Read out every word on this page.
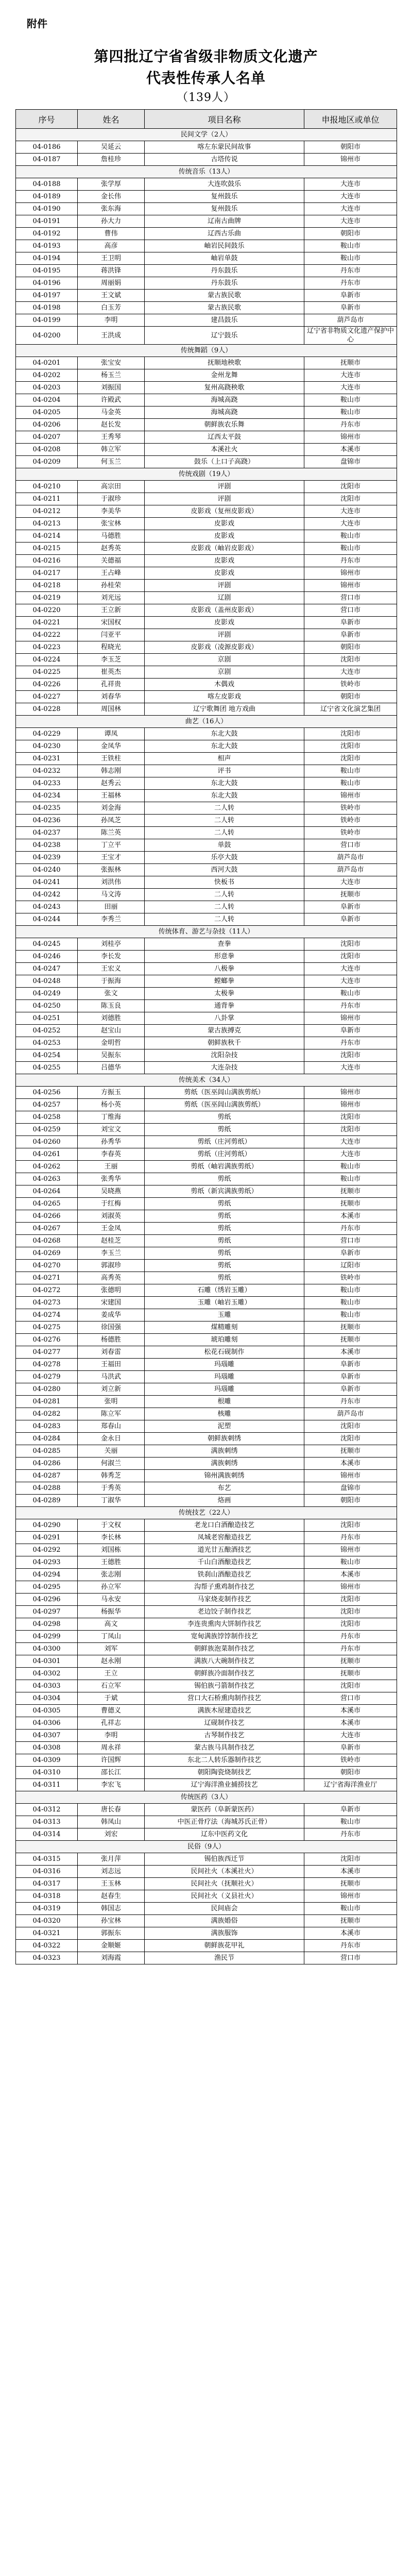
附件
第四批辽宁省省级非物质文化遗产
代表性传承人名单
（139人）
序号	姓名	项目名称	申报地区或单位
民间文学（2人）			
04-0186	吴延云	喀左东蒙民间故事	朝阳市
04-0187	詹桂珍	古塔传说	锦州市
传统音乐（13人）			
04-0188	张学厚	大连吹鼓乐	大连市
04-0189	金长伟	复州鼓乐	大连市
04-0190	张东海	复州鼓乐	大连市
04-0191	孙大力	辽南古曲牌	大连市
04-0192	曹伟	辽西古乐曲	朝阳市
04-0193	高彦	岫岩民间鼓乐	鞍山市
04-0194	王卫明	岫岩单鼓	鞍山市
04-0195	蒋洪锋	丹东鼓乐	丹东市
04-0196	周丽娟	丹东鼓乐	丹东市
04-0197	王文斌	蒙古族民歌	阜新市
04-0198	白玉芳	蒙古族民歌	阜新市
04-0199	李明	建昌鼓乐	葫芦岛市
04-0200	王洪成	辽宁鼓乐	辽宁省非物质文化遗产保护中心
传统舞蹈（9人）			
04-0201	张宝安	抚顺地秧歌	抚顺市
04-0202	杨玉兰	金州龙舞	大连市
04-0203	刘振国	复州高跷秧歌	大连市
04-0204	许殿武	海城高跷	鞍山市
04-0205	马金英	海城高跷	鞍山市
04-0206	赵长发	朝鲜族农乐舞	丹东市
04-0207	王秀琴	辽西太平鼓	锦州市
04-0208	韩立军	本溪社火	本溪市
04-0209	何玉兰	鼓乐（上口子高跷）	盘锦市
传统戏剧（19人）			
04-0210	高宗田	评剧	沈阳市
04-0211	于淑珍	评剧	沈阳市
04-0212	李美华	皮影戏（复州皮影戏）	大连市
04-0213	张宝林	皮影戏	大连市
04-0214	马德胜	皮影戏	鞍山市
04-0215	赵秀英	皮影戏（岫岩皮影戏）	鞍山市
04-0216	关德福	皮影戏	丹东市
04-0217	王占峰	皮影戏	锦州市
04-0218	孙桂荣	评剧	锦州市
04-0219	刘光远	辽剧	营口市
04-0220	王立新	皮影戏（盖州皮影戏）	营口市
04-0221	宋国权	皮影戏	阜新市
04-0222	闫亚平	评剧	阜新市
04-0223	程晓光	皮影戏（凌源皮影戏）	朝阳市
04-0224	李玉芝	京剧	沈阳市
04-0225	崔英杰	京剧	大连市
04-0226	孔祥贵	木偶戏	铁岭市
04-0227	刘春华	喀左皮影戏	朝阳市
04-0228	周国林	辽宁歌舞团 地方戏曲	辽宁省文化演艺集团
曲艺（16人）			
04-0229	谭凤	东北大鼓	沈阳市
04-0230	金凤华	东北大鼓	沈阳市
04-0231	王铁柱	相声	沈阳市
04-0232	韩志刚	评书	鞍山市
04-0233	赵秀云	东北大鼓	鞍山市
04-0234	王福林	东北大鼓	锦州市
04-0235	刘金海	二人转	铁岭市
04-0236	孙凤芝	二人转	铁岭市
04-0237	陈兰英	二人转	铁岭市
04-0238	丁立平	单鼓	营口市
04-0239	王宝才	乐亭大鼓	葫芦岛市
04-0240	张振林	西河大鼓	葫芦岛市
04-0241	刘洪伟	快板书	大连市
04-0242	马文涛	二人转	抚顺市
04-0243	田丽	二人转	阜新市
04-0244	李秀兰	二人转	阜新市
传统体育、游艺与杂技（11人）			
04-0245	刘桂亭	查拳	沈阳市
04-0246	李长发	形意拳	沈阳市
04-0247	王宏义	八极拳	大连市
04-0248	于振海	螳螂拳	大连市
04-0249	张文	太极拳	鞍山市
04-0250	陈玉良	通背拳	丹东市
04-0251	刘德胜	八卦掌	锦州市
04-0252	赵宝山	蒙古族搏克	阜新市
04-0253	金明哲	朝鲜族秋千	丹东市
04-0254	吴振东	沈阳杂技	沈阳市
04-0255	吕德华	大连杂技	大连市
传统美术（34人）			
04-0256	方振玉	剪纸（医巫闾山满族剪纸）	锦州市
04-0257	杨小英	剪纸（医巫闾山满族剪纸）	锦州市
04-0258	丁维海	剪纸	沈阳市
04-0259	刘宝文	剪纸	沈阳市
04-0260	孙秀华	剪纸（庄河剪纸）	大连市
04-0261	李春英	剪纸（庄河剪纸）	大连市
04-0262	王丽	剪纸（岫岩满族剪纸）	鞍山市
04-0263	张秀华	剪纸	鞍山市
04-0264	吴晓燕	剪纸（新宾满族剪纸）	抚顺市
04-0265	于红梅	剪纸	抚顺市
04-0266	刘淑英	剪纸	本溪市
04-0267	王金凤	剪纸	丹东市
04-0268	赵桂芝	剪纸	营口市
04-0269	李玉兰	剪纸	阜新市
04-0270	郭淑珍	剪纸	辽阳市
04-0271	高秀英	剪纸	铁岭市
04-0272	张德明	石雕（绣岩玉雕）	鞍山市
04-0273	宋建国	玉雕（岫岩玉雕）	鞍山市
04-0274	姜成华	玉雕	鞍山市
04-0275	徐国强	煤精雕刻	抚顺市
04-0276	杨德胜	琥珀雕刻	抚顺市
04-0277	刘春雷	松花石砚制作	本溪市
04-0278	王福田	玛瑙雕	阜新市
04-0279	马洪武	玛瑙雕	阜新市
04-0280	刘立新	玛瑙雕	阜新市
04-0281	张明	根雕	丹东市
04-0282	陈立军	核雕	葫芦岛市
04-0283	郑春山	泥塑	沈阳市
04-0284	金永日	朝鲜族刺绣	沈阳市
04-0285	关丽	满族刺绣	抚顺市
04-0286	何淑兰	满族刺绣	本溪市
04-0287	韩秀芝	锦州满族刺绣	锦州市
04-0288	于秀英	布艺	盘锦市
04-0289	丁淑华	烙画	朝阳市
传统技艺（22人）			
04-0290	于文权	老龙口白酒酿造技艺	沈阳市
04-0291	李长林	凤城老窖酿造技艺	丹东市
04-0292	刘国栋	道光廿五酿酒技艺	锦州市
04-0293	王德胜	千山白酒酿造技艺	鞍山市
04-0294	张志刚	铁刹山酒酿造技艺	本溪市
04-0295	孙立军	沟帮子熏鸡制作技艺	锦州市
04-0296	马永安	马家烧麦制作技艺	沈阳市
04-0297	杨振华	老边饺子制作技艺	沈阳市
04-0298	高文	李连贵熏肉大饼制作技艺	沈阳市
04-0299	丁凤山	宽甸满族饽饽制作技艺	丹东市
04-0300	刘军	朝鲜族泡菜制作技艺	丹东市
04-0301	赵永刚	满族八大碗制作技艺	抚顺市
04-0302	王立	朝鲜族冷面制作技艺	抚顺市
04-0303	石立军	锡伯族弓箭制作技艺	沈阳市
04-0304	于斌	营口大石桥熏肉制作技艺	营口市
04-0305	曹德义	满族木屋建造技艺	本溪市
04-0306	孔祥志	辽砚制作技艺	本溪市
04-0307	李明	古琴制作技艺	大连市
04-0308	周永祥	蒙古族马具制作技艺	阜新市
04-0309	许国辉	东北二人转乐器制作技艺	铁岭市
04-0310	邵长江	朝阳陶瓷烧制技艺	朝阳市
04-0311	李宏飞	辽宁海洋渔业捕捞技艺	辽宁省海洋渔业厅
传统医药（3人）			
04-0312	唐长春	蒙医药（阜新蒙医药）	阜新市
04-0313	韩凤山	中医正骨疗法（海城苏氏正骨）	鞍山市
04-0314	刘宏	辽东中医药文化	丹东市
民俗（9人）			
04-0315	张月萍	锡伯族西迁节	沈阳市
04-0316	刘志远	民间社火（本溪社火）	本溪市
04-0317	王玉林	民间社火（抚顺社火）	抚顺市
04-0318	赵春生	民间社火（义县社火）	锦州市
04-0319	韩国志	民间庙会	鞍山市
04-0320	孙宝林	满族婚俗	抚顺市
04-0321	郭振东	满族服饰	本溪市
04-0322	金顺姬	朝鲜族花甲礼	丹东市
04-0323	刘海霞	渔民节	营口市
